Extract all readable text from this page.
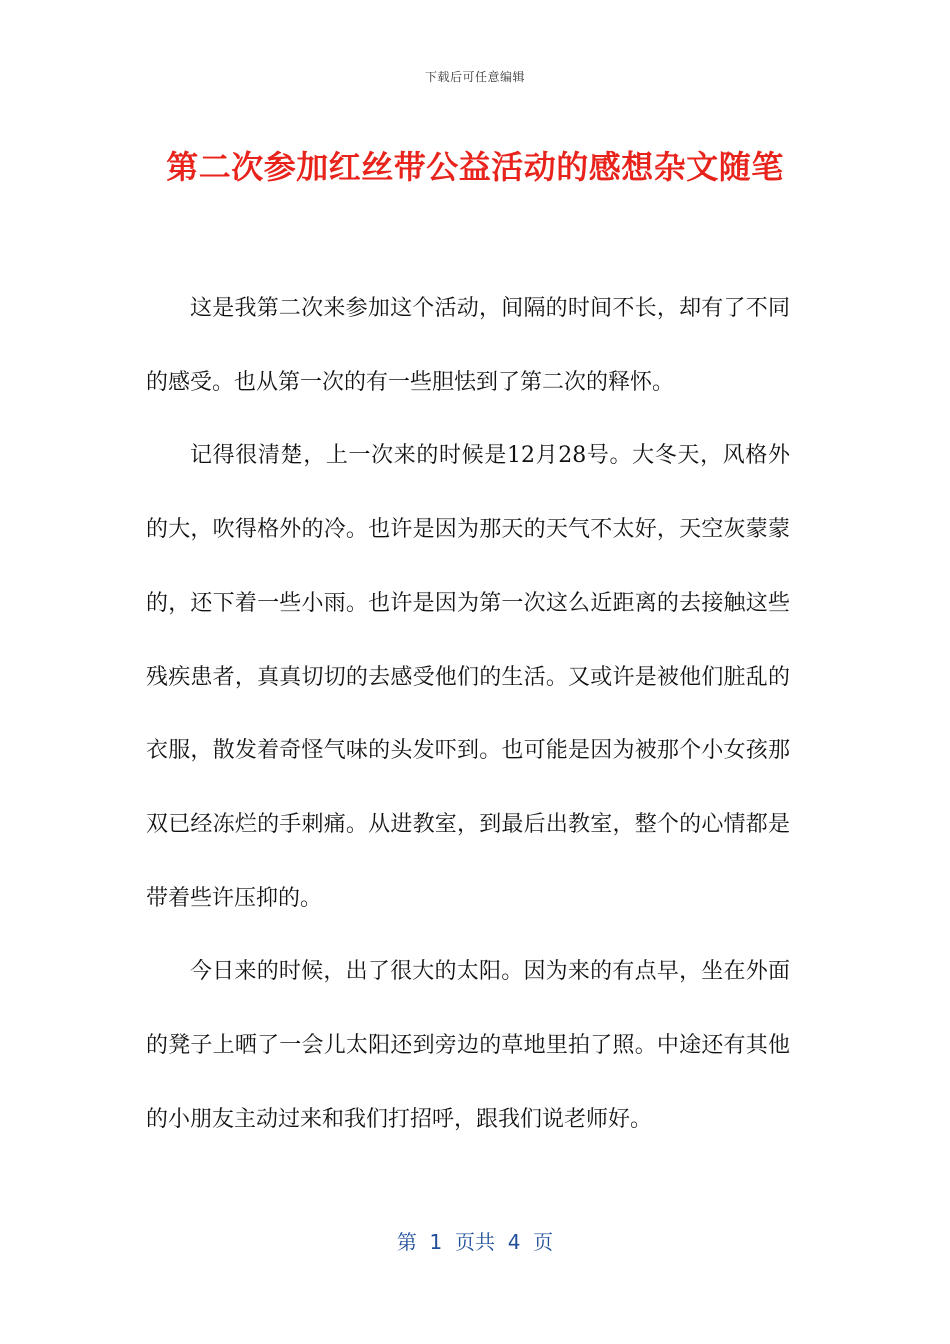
下载后可任意编辑
第二次参加红丝带公益活动的感想杂文随笔

这是我第二次来参加这个活动，间隔的时间不长，却有了不同的感受。也从第一次的有一些胆怯到了第二次的释怀。

记得很清楚，上一次来的时候是12月28号。大冬天，风格外的大，吹得格外的冷。也许是因为那天的天气不太好，天空灰蒙蒙的，还下着一些小雨。也许是因为第一次这么近距离的去接触这些残疾患者，真真切切的去感受他们的生活。又或许是被他们脏乱的衣服，散发着奇怪气味的头发吓到。也可能是因为被那个小女孩那双已经冻烂的手刺痛。从进教室，到最后出教室，整个的心情都是带着些许压抑的。

今日来的时候，出了很大的太阳。因为来的有点早，坐在外面的凳子上晒了一会儿太阳还到旁边的草地里拍了照。中途还有其他的小朋友主动过来和我们打招呼，跟我们说老师好。

第  1  页共  4  页
